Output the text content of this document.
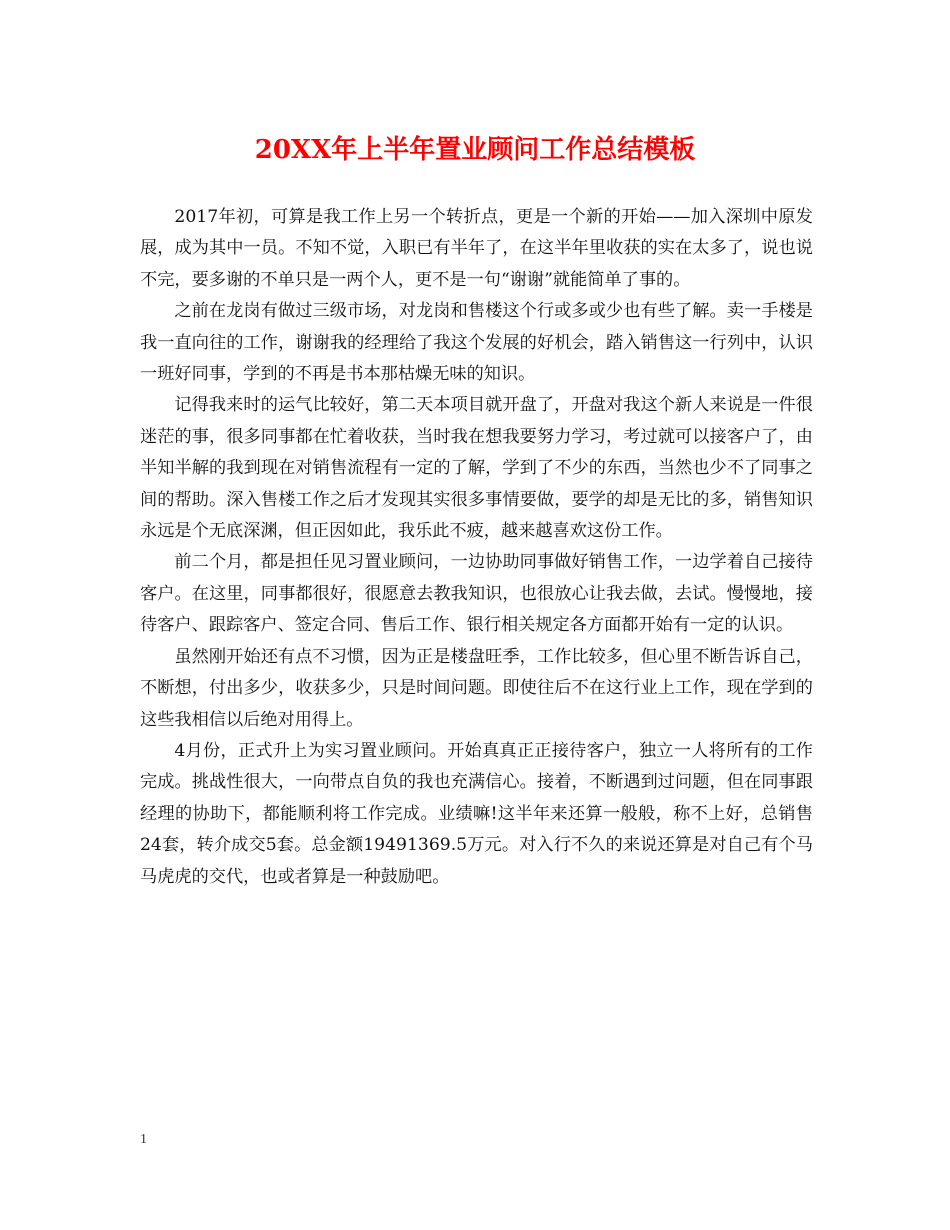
20XX年上半年置业顾问工作总结模板

2017年初，可算是我工作上另一个转折点，更是一个新的开始——加入深圳中原发展，成为其中一员。不知不觉，入职已有半年了，在这半年里收获的实在太多了，说也说不完，要多谢的不单只是一两个人，更不是一句“谢谢”就能简单了事的。

之前在龙岗有做过三级市场，对龙岗和售楼这个行或多或少也有些了解。卖一手楼是我一直向往的工作，谢谢我的经理给了我这个发展的好机会，踏入销售这一行列中，认识一班好同事，学到的不再是书本那枯燥无味的知识。

记得我来时的运气比较好，第二天本项目就开盘了，开盘对我这个新人来说是一件很迷茫的事，很多同事都在忙着收获，当时我在想我要努力学习，考过就可以接客户了，由半知半解的我到现在对销售流程有一定的了解，学到了不少的东西，当然也少不了同事之间的帮助。深入售楼工作之后才发现其实很多事情要做，要学的却是无比的多，销售知识永远是个无底深渊，但正因如此，我乐此不疲，越来越喜欢这份工作。

前二个月，都是担任见习置业顾问，一边协助同事做好销售工作，一边学着自己接待客户。在这里，同事都很好，很愿意去教我知识，也很放心让我去做，去试。慢慢地，接待客户、跟踪客户、签定合同、售后工作、银行相关规定各方面都开始有一定的认识。

虽然刚开始还有点不习惯，因为正是楼盘旺季，工作比较多，但心里不断告诉自己，不断想，付出多少，收获多少，只是时间问题。即使往后不在这行业上工作，现在学到的这些我相信以后绝对用得上。

4月份，正式升上为实习置业顾问。开始真真正正接待客户，独立一人将所有的工作完成。挑战性很大，一向带点自负的我也充满信心。接着，不断遇到过问题，但在同事跟经理的协助下，都能顺利将工作完成。业绩嘛!这半年来还算一般般，称不上好，总销售24套，转介成交5套。总金额19491369.5万元。对入行不久的来说还算是对自己有个马马虎虎的交代，也或者算是一种鼓励吧。

1
